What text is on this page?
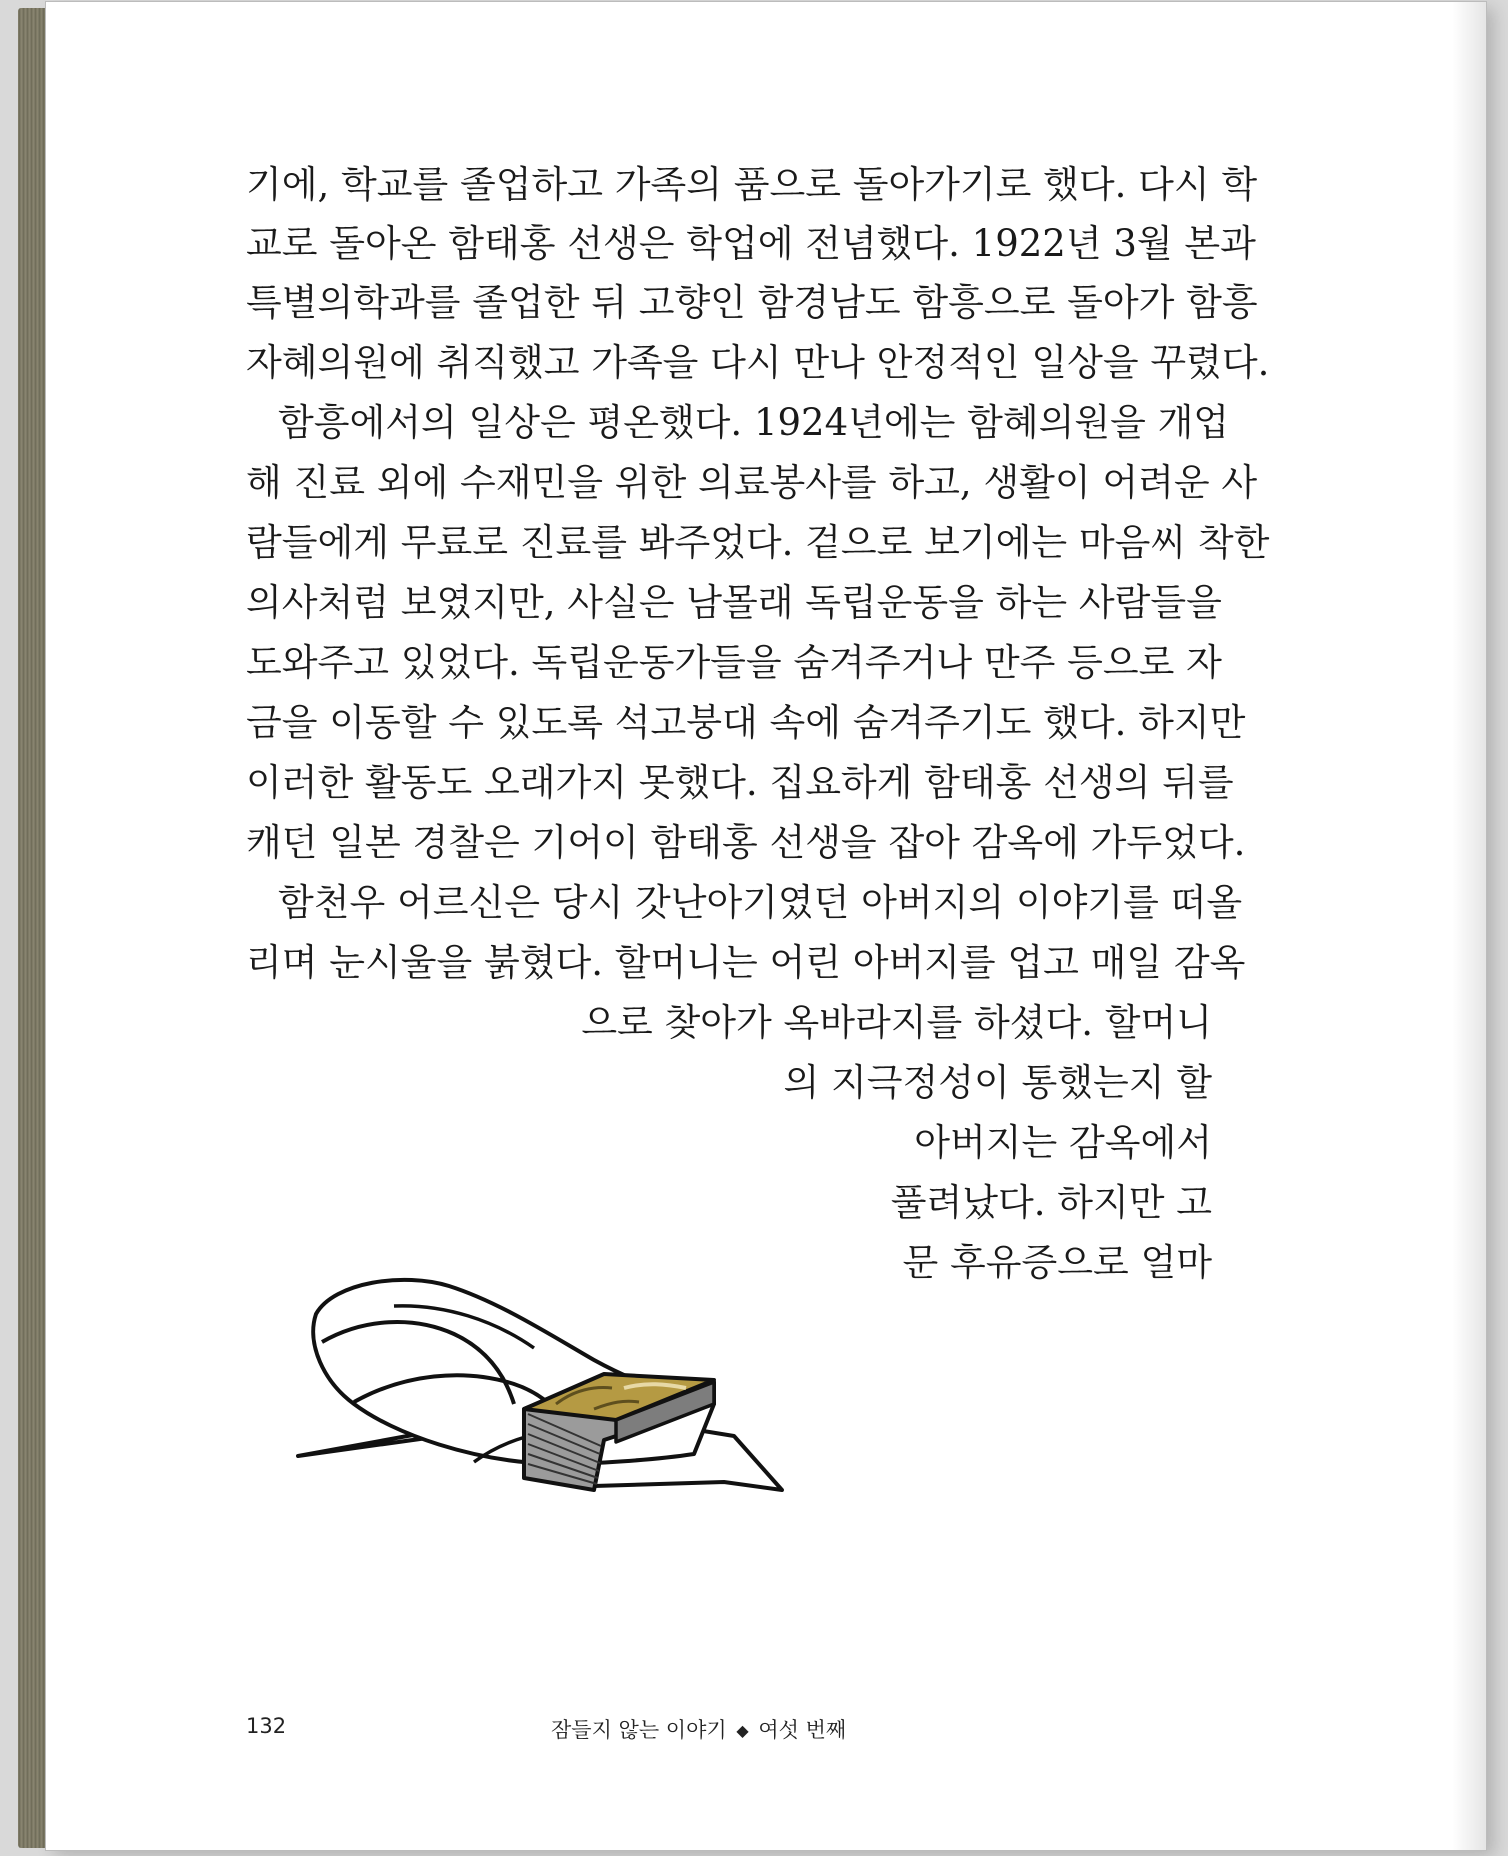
기에, 학교를 졸업하고 가족의 품으로 돌아가기로 했다. 다시 학
교로 돌아온 함태홍 선생은 학업에 전념했다. 1922년 3월 본과
특별의학과를 졸업한 뒤 고향인 함경남도 함흥으로 돌아가 함흥
자혜의원에 취직했고 가족을 다시 만나 안정적인 일상을 꾸렸다.
함흥에서의 일상은 평온했다. 1924년에는 함혜의원을 개업
해 진료 외에 수재민을 위한 의료봉사를 하고, 생활이 어려운 사
람들에게 무료로 진료를 봐주었다. 겉으로 보기에는 마음씨 착한
의사처럼 보였지만, 사실은 남몰래 독립운동을 하는 사람들을
도와주고 있었다. 독립운동가들을 숨겨주거나 만주 등으로 자
금을 이동할 수 있도록 석고붕대 속에 숨겨주기도 했다. 하지만
이러한 활동도 오래가지 못했다. 집요하게 함태홍 선생의 뒤를
캐던 일본 경찰은 기어이 함태홍 선생을 잡아 감옥에 가두었다.
함천우 어르신은 당시 갓난아기였던 아버지의 이야기를 떠올
리며 눈시울을 붉혔다. 할머니는 어린 아버지를 업고 매일 감옥
으로 찾아가 옥바라지를 하셨다. 할머니
의 지극정성이 통했는지 할
아버지는 감옥에서
풀려났다. 하지만 고
문 후유증으로 얼마
132	잠들지 않는 이야기 ◆ 여섯 번째
